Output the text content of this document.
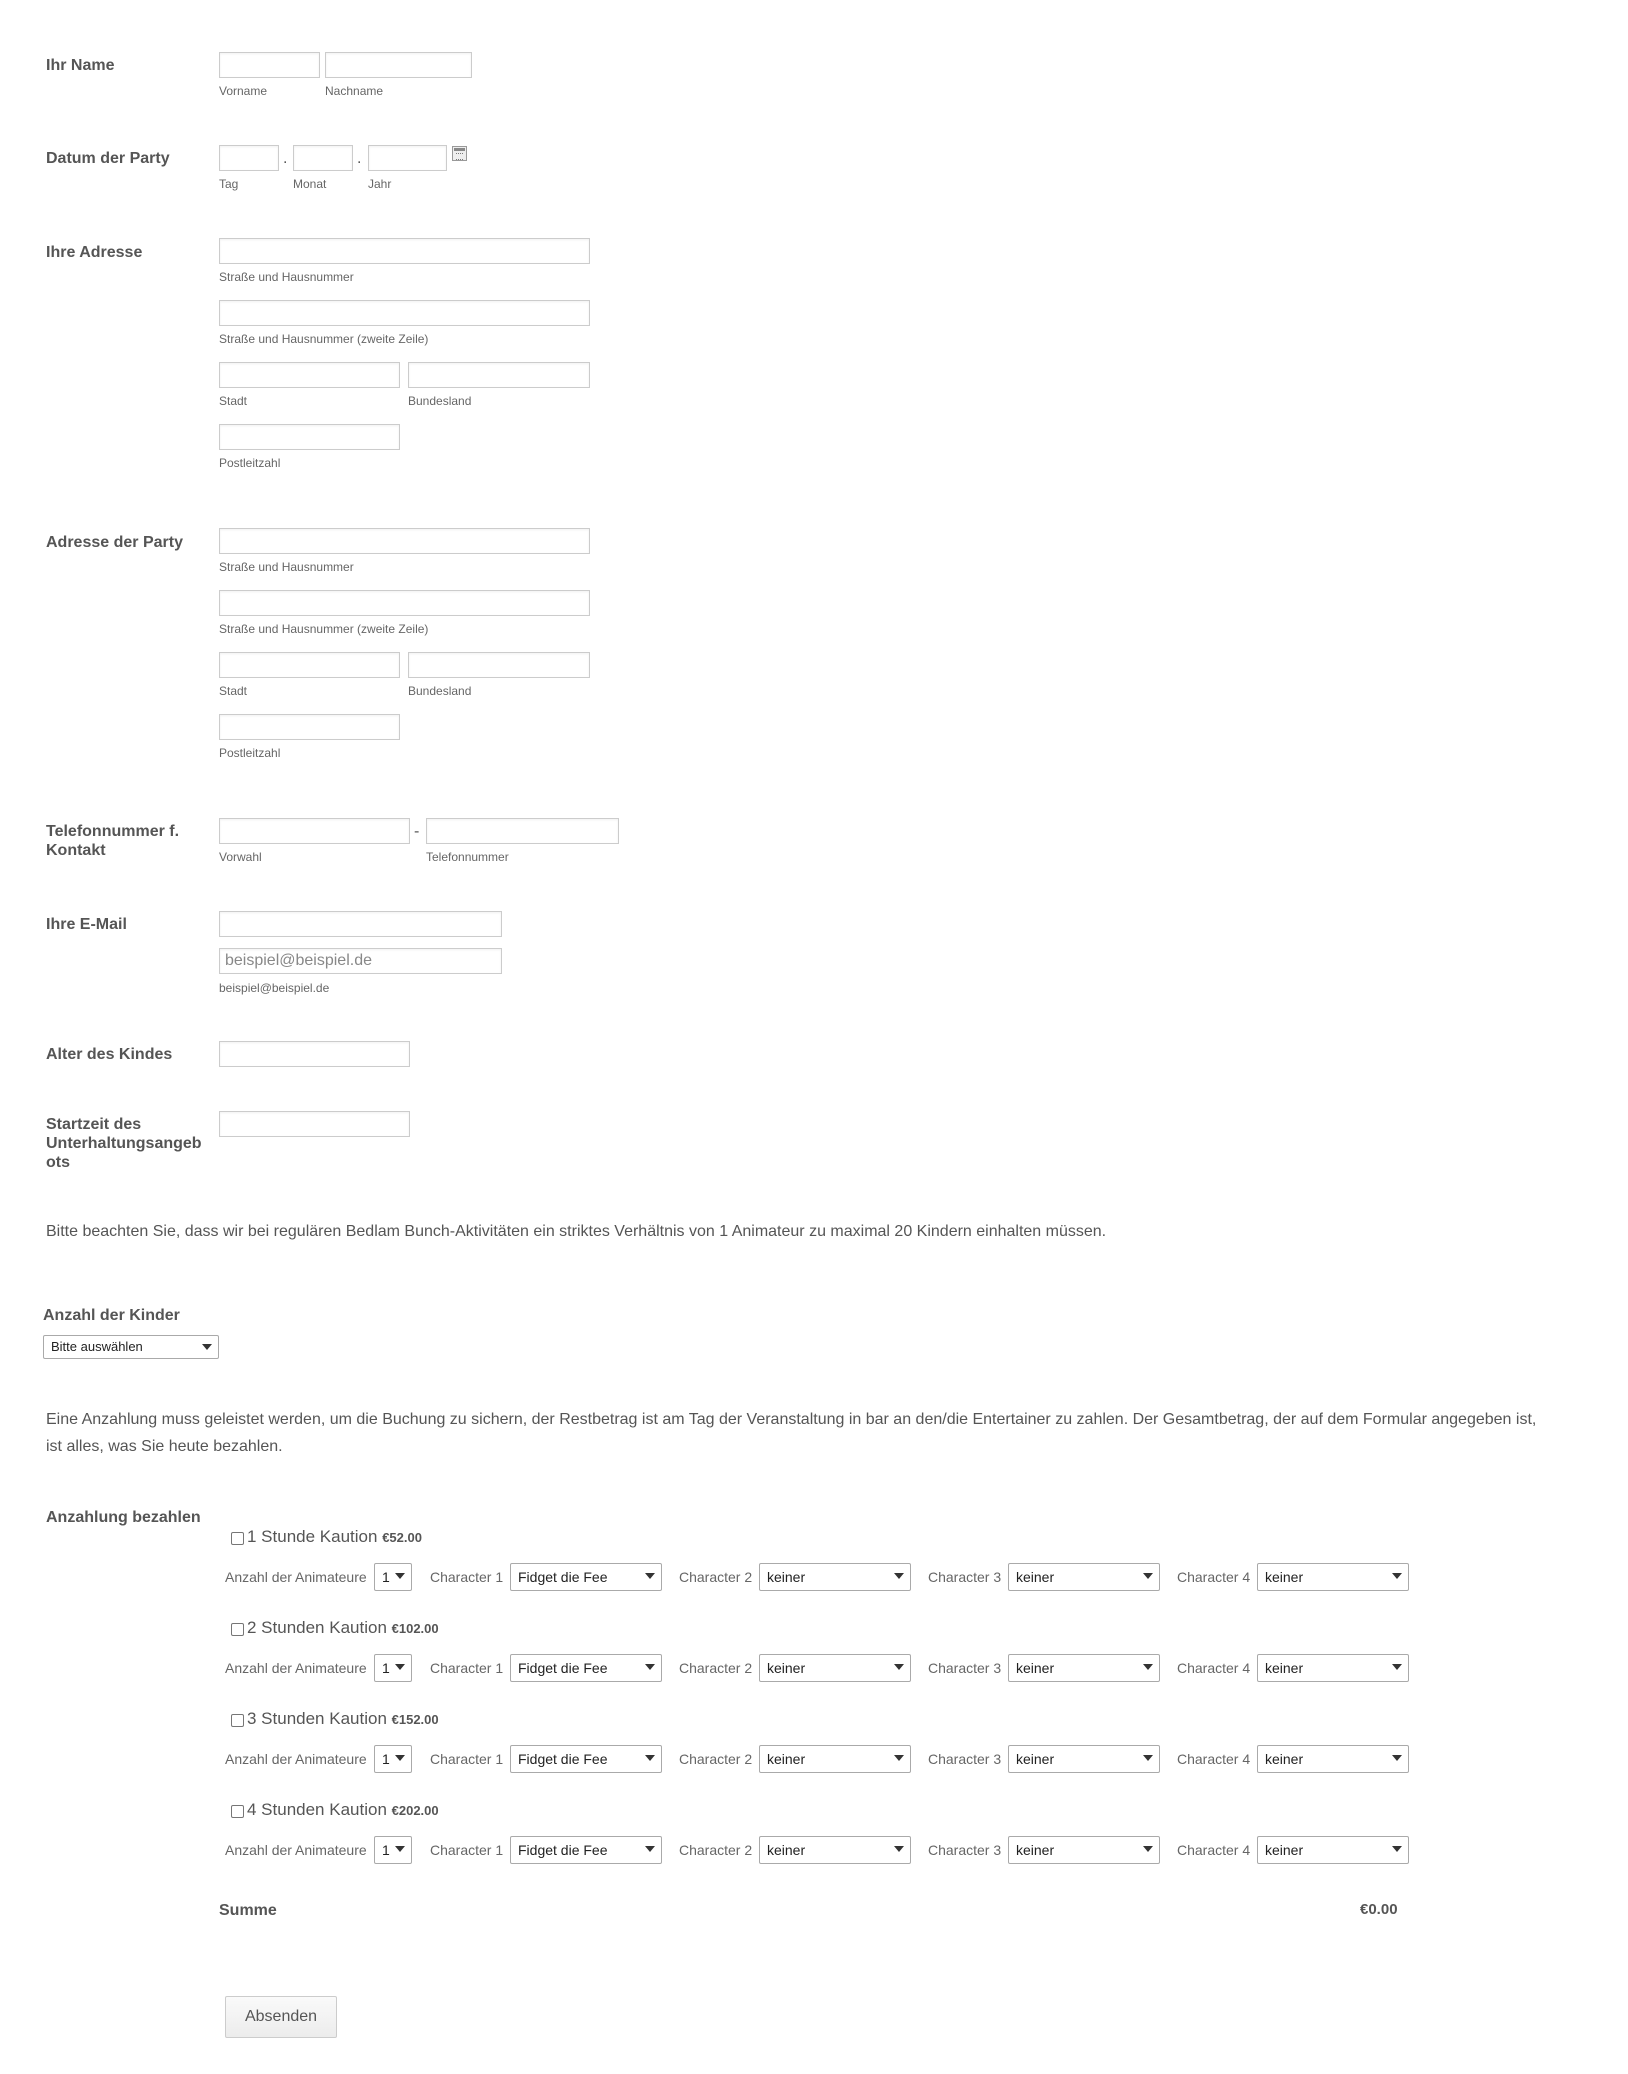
Ihr Name
Vorname	Nachname
Datum der Party	.	.
Tag	Monat	Jahr
Ihre Adresse
Straße und Hausnummer
Straße und Hausnummer (zweite Zeile)
Stadt	Bundesland
Postleitzahl
Adresse der Party
Straße und Hausnummer
Straße und Hausnummer (zweite Zeile)
Stadt	Bundesland
Postleitzahl
Telefonnummer f.
Kontakt
-
Vorwahl	Telefonnummer
Ihre E-Mail
beispiel@beispiel.de
beispiel@beispiel.de
Alter des Kindes
Startzeit des
Unterhaltungsangeb
ots
Bitte beachten Sie, dass wir bei regulären Bedlam Bunch-Aktivitäten ein striktes Verhältnis von 1 Animateur zu maximal 20 Kindern einhalten müssen.
Anzahl der Kinder
Bitte auswählen
Eine Anzahlung muss geleistet werden, um die Buchung zu sichern, der Restbetrag ist am Tag der Veranstaltung in bar an den/die Entertainer zu zahlen. Der Gesamtbetrag, der auf dem Formular angegeben ist,
ist alles, was Sie heute bezahlen.
Anzahlung bezahlen
1 Stunde Kaution €52.00
Anzahl der Animateure	1	Character 1	Fidget die Fee	Character 2	keiner	Character 3	keiner	Character 4	keiner
2 Stunden Kaution €102.00
Anzahl der Animateure	1	Character 1	Fidget die Fee	Character 2	keiner	Character 3	keiner	Character 4	keiner
3 Stunden Kaution €152.00
Anzahl der Animateure	1	Character 1	Fidget die Fee	Character 2	keiner	Character 3	keiner	Character 4	keiner
4 Stunden Kaution €202.00
Anzahl der Animateure	1	Character 1	Fidget die Fee	Character 2	keiner	Character 3	keiner	Character 4	keiner
Summe	€0.00
Absenden
